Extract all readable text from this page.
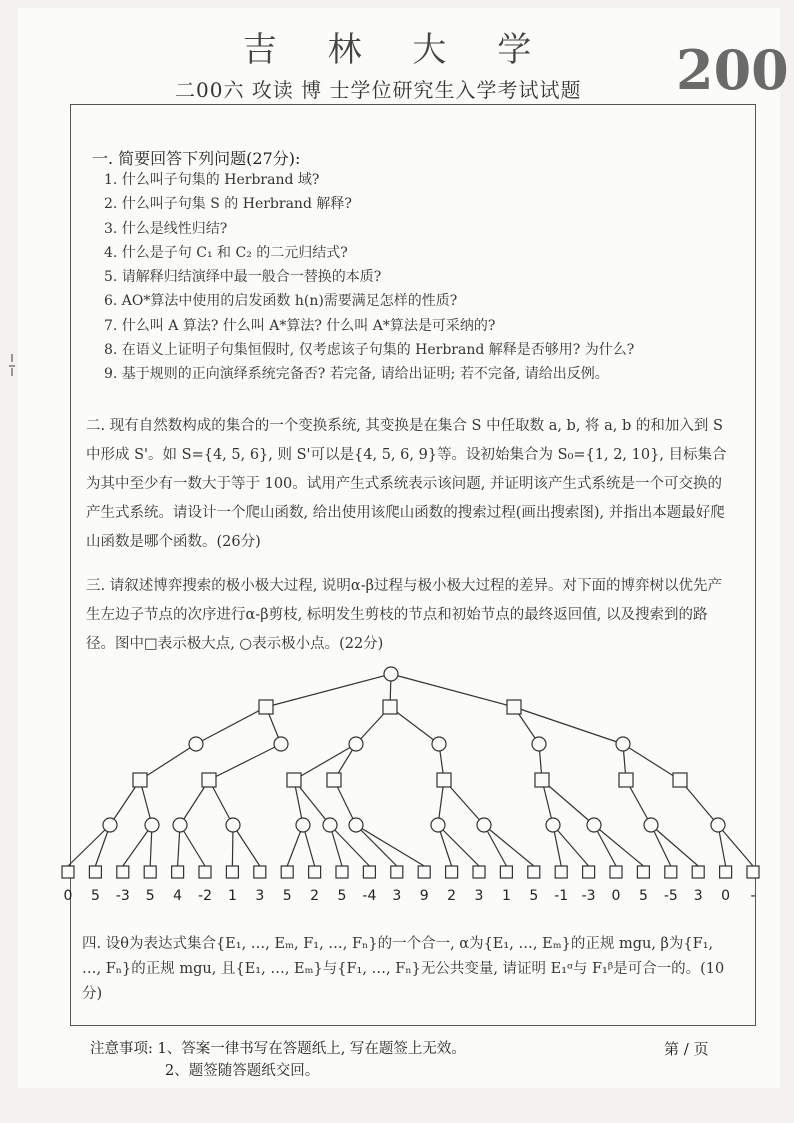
吉 林 大 学
二00六 攻读 博 士学位研究生入学考试试题 200
一. 简要回答下列问题(27分):
1. 什么叫子句集的 Herbrand 域?
2. 什么叫子句集 S 的 Herbrand 解释?
3. 什么是线性归结?
4. 什么是子句 C₁ 和 C₂ 的二元归结式?
5. 请解释归结演绎中最一般合一替换的本质?
6. AO*算法中使用的启发函数 h(n)需要满足怎样的性质?
7. 什么叫 A 算法? 什么叫 A*算法? 什么叫 A*算法是可采纳的?
8. 在语义上证明子句集恒假时, 仅考虑该子句集的 Herbrand 解释是否够用? 为什么?
9. 基于规则的正向演绎系统完备否? 若完备, 请给出证明; 若不完备, 请给出反例。
二. 现有自然数构成的集合的一个变换系统, 其变换是在集合 S 中任取数 a, b, 将 a, b 的和加入到 S 中形成 S'。如 S={4, 5, 6}, 则 S'可以是{4, 5, 6, 9}等。设初始集合为 S₀={1, 2, 10}, 目标集合为其中至少有一数大于等于 100。试用产生式系统表示该问题, 并证明该产生式系统是一个可交换的产生式系统。请设计一个爬山函数, 给出使用该爬山函数的搜索过程(画出搜索图), 并指出本题最好爬山函数是哪个函数。(26分)
三. 请叙述博弈搜索的极小极大过程, 说明α-β过程与极小极大过程的差异。对下面的博弈树以优先产生左边子节点的次序进行α-β剪枝, 标明发生剪枝的节点和初始节点的最终返回值, 以及搜索到的路径。图中□表示极大点, ○表示极小点。(22分)
0 5 -3 5 4 -2 1 3 5 2 5 -4 3 9 2 3 1 5 -1 -3 0 5 -5 3 0 -
四. 设θ为表达式集合{E₁, …, Eₘ, F₁, …, Fₙ}的一个合一, α为{E₁, …, Eₘ}的正规 mgu, β为{F₁, …, Fₙ}的正规 mgu, 且{E₁, …, Eₘ}与{F₁, …, Fₙ}无公共变量, 请证明 E₁ᵅ与 F₁ᵝ是可合一的。(10分)
注意事项: 1、答案一律书写在答题纸上, 写在题签上无效。
2、题签随答题纸交回。
第 / 页
